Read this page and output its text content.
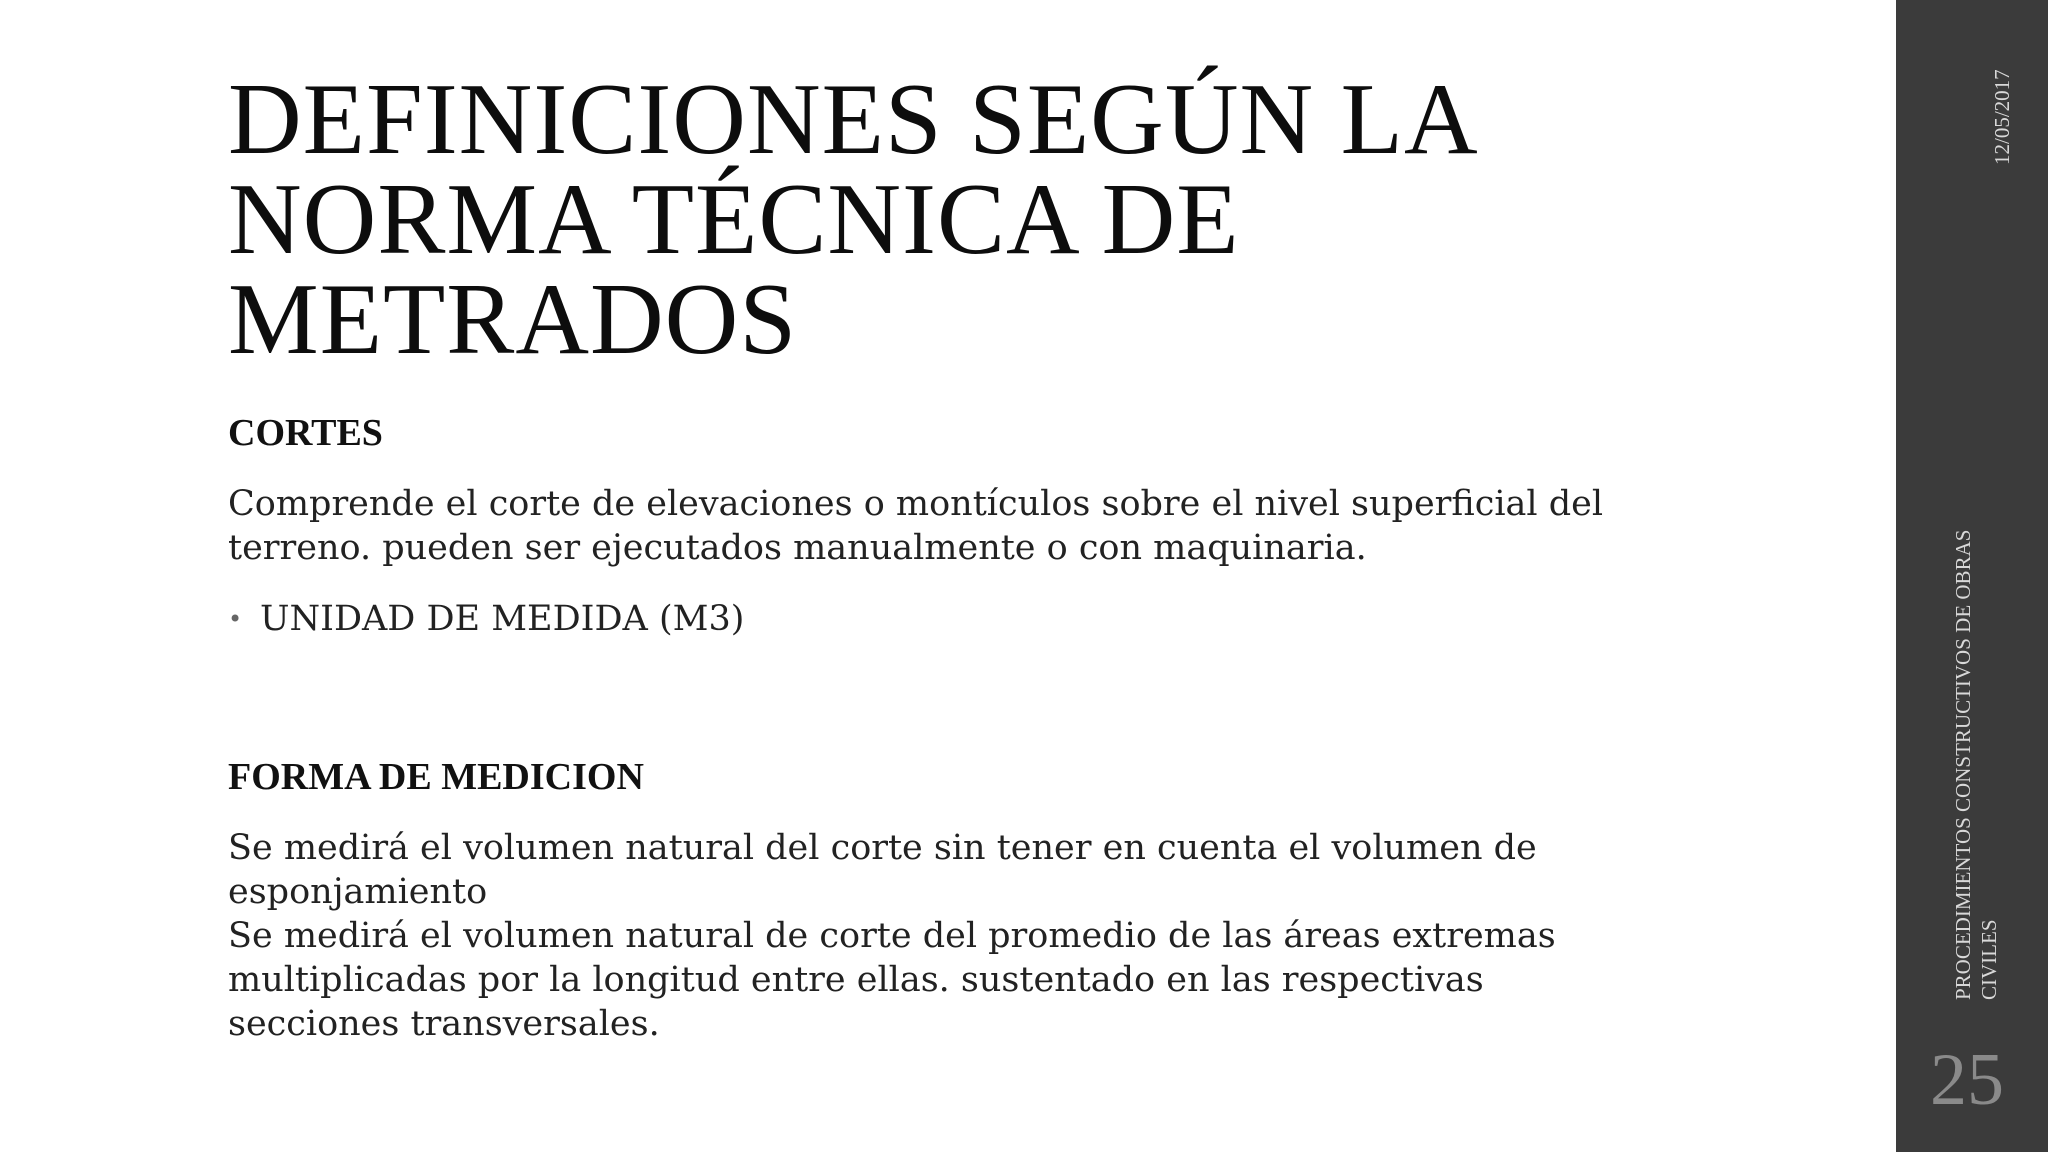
DEFINICIONES SEGÚN LA
NORMA TÉCNICA DE METRADOS
CORTES

Comprende el corte de elevaciones o montículos sobre el nivel superficial del
terreno. pueden ser ejecutados manualmente o con maquinaria.

• UNIDAD DE MEDIDA (M3)
FORMA DE MEDICION

Se medirá el volumen natural del corte sin tener en cuenta el volumen de
esponjamiento
Se medirá el volumen natural de corte del promedio de las áreas extremas
multiplicadas por la longitud entre ellas. sustentado en las respectivas
secciones transversales.

12/05/2017
PROCEDIMIENTOS CONSTRUCTIVOS DE OBRAS CIVILES
25
